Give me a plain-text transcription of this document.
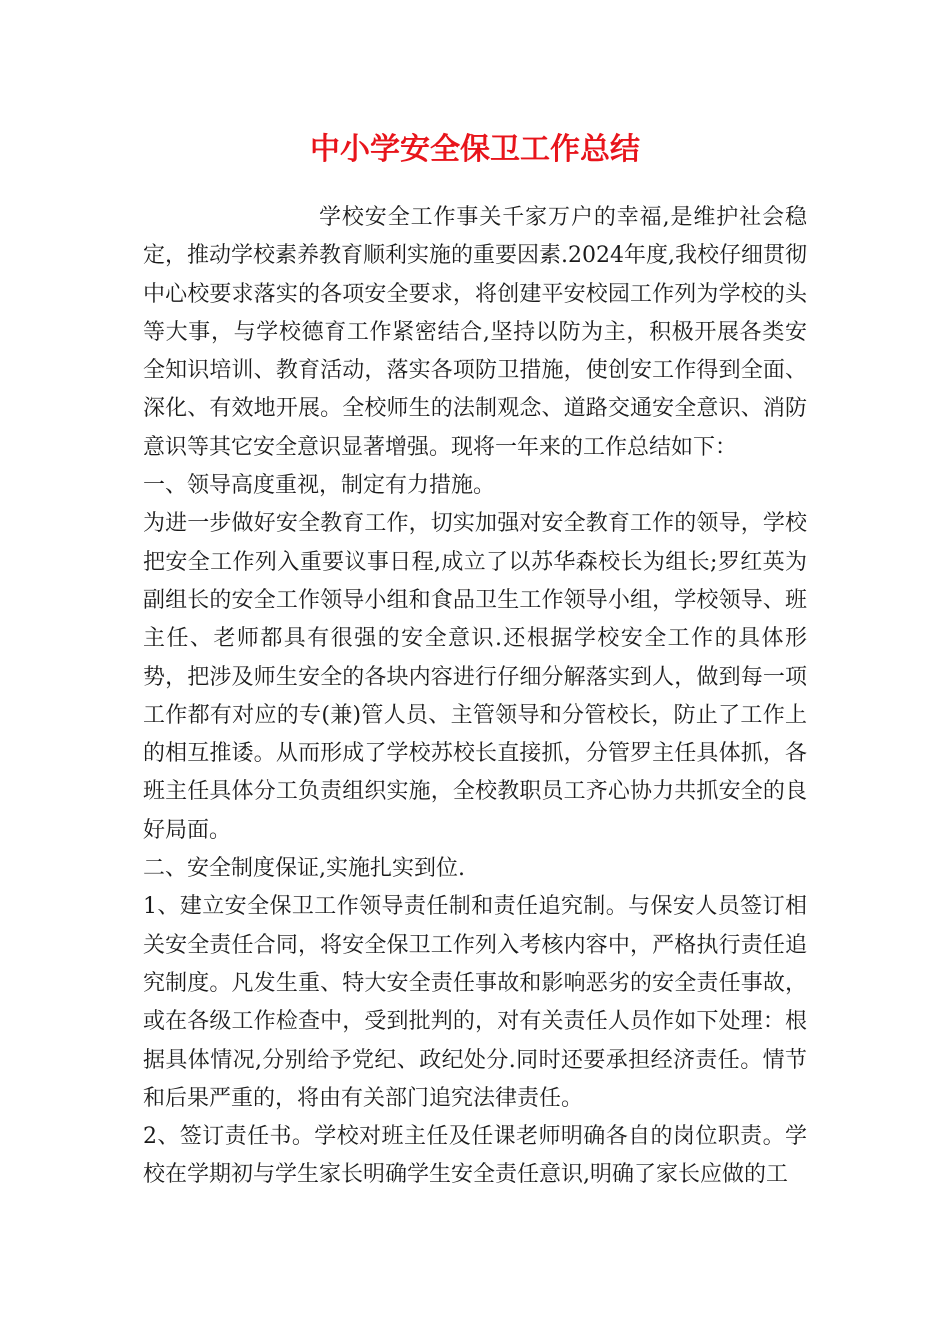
中小学安全保卫工作总结

学校安全工作事关千家万户的幸福,是维护社会稳定，推动学校素养教育顺利实施的重要因素.2024年度,我校仔细贯彻中心校要求落实的各项安全要求，将创建平安校园工作列为学校的头等大事，与学校德育工作紧密结合,坚持以防为主，积极开展各类安全知识培训、教育活动，落实各项防卫措施，使创安工作得到全面、深化、有效地开展。全校师生的法制观念、道路交通安全意识、消防意识等其它安全意识显著增强。现将一年来的工作总结如下：

一、领导高度重视，制定有力措施。

为进一步做好安全教育工作，切实加强对安全教育工作的领导，学校把安全工作列入重要议事日程,成立了以苏华森校长为组长;罗红英为副组长的安全工作领导小组和食品卫生工作领导小组，学校领导、班主任、老师都具有很强的安全意识.还根据学校安全工作的具体形势，把涉及师生安全的各块内容进行仔细分解落实到人，做到每一项工作都有对应的专(兼)管人员、主管领导和分管校长，防止了工作上的相互推诿。从而形成了学校苏校长直接抓，分管罗主任具体抓，各班主任具体分工负责组织实施，全校教职员工齐心协力共抓安全的良好局面。

二、安全制度保证,实施扎实到位.

1、建立安全保卫工作领导责任制和责任追究制。与保安人员签订相关安全责任合同，将安全保卫工作列入考核内容中，严格执行责任追究制度。凡发生重、特大安全责任事故和影响恶劣的安全责任事故，或在各级工作检查中，受到批判的，对有关责任人员作如下处理：根据具体情况,分别给予党纪、政纪处分.同时还要承担经济责任。情节和后果严重的，将由有关部门追究法律责任。

2、签订责任书。学校对班主任及任课老师明确各自的岗位职责。学校在学期初与学生家长明确学生安全责任意识,明确了家长应做的工
